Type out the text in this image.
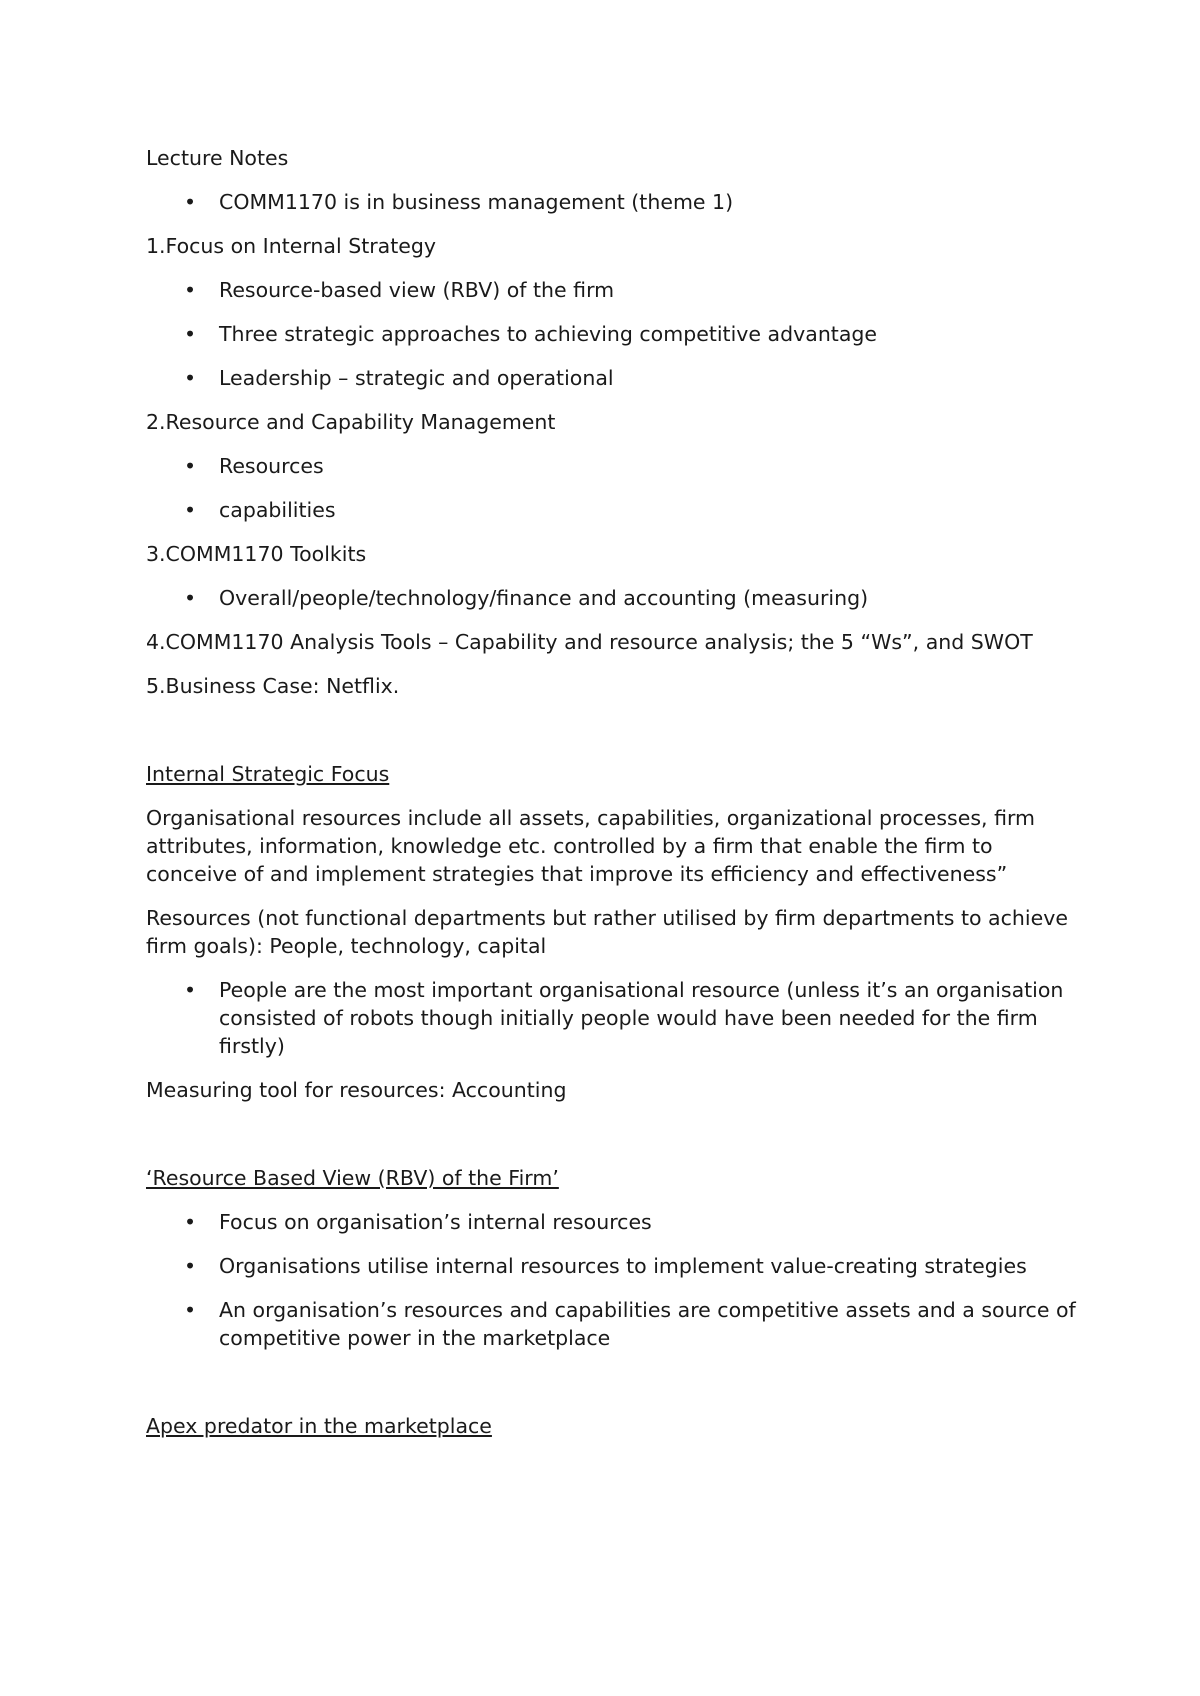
Lecture Notes

• COMM1170 is in business management (theme 1)

1.Focus on Internal Strategy

• Resource-based view (RBV) of the firm
• Three strategic approaches to achieving competitive advantage
• Leadership – strategic and operational

2.Resource and Capability Management

• Resources
• capabilities

3.COMM1170 Toolkits

• Overall/people/technology/finance and accounting (measuring)

4.COMM1170 Analysis Tools – Capability and resource analysis; the 5 “Ws”, and SWOT

5.Business Case: Netflix.

Internal Strategic Focus

Organisational resources include all assets, capabilities, organizational processes, firm attributes, information, knowledge etc. controlled by a firm that enable the firm to conceive of and implement strategies that improve its efficiency and effectiveness”

Resources (not functional departments but rather utilised by firm departments to achieve firm goals): People, technology, capital

• People are the most important organisational resource (unless it’s an organisation consisted of robots though initially people would have been needed for the firm firstly)

Measuring tool for resources: Accounting

‘Resource Based View (RBV) of the Firm’

• Focus on organisation’s internal resources
• Organisations utilise internal resources to implement value-creating strategies
• An organisation’s resources and capabilities are competitive assets and a source of competitive power in the marketplace

Apex predator in the marketplace
